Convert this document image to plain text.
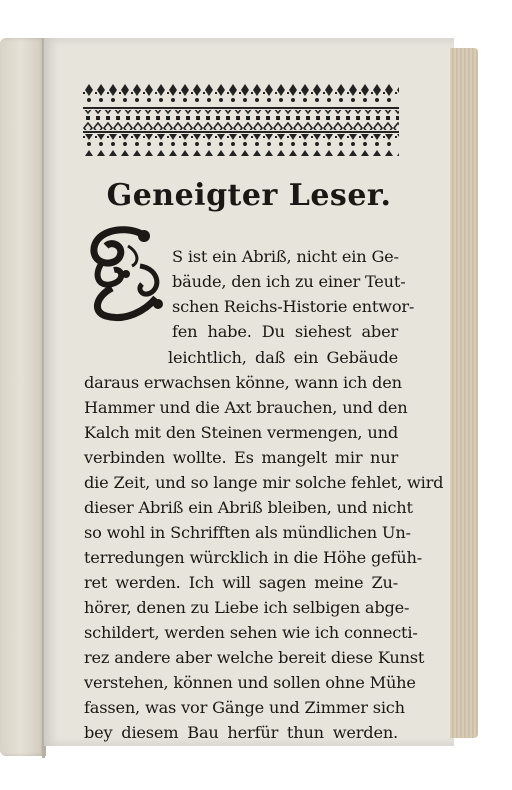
Geneigter Leser.
S ist ein Abriß, nicht ein Ge-
bäude, den ich zu einer Teut-
schen Reichs-Historie entwor-
fen habe. Du siehest aber
leichtlich, daß ein Gebäude
daraus erwachsen könne, wann ich den
Hammer und die Axt brauchen, und den
Kalch mit den Steinen vermengen, und
verbinden wollte. Es mangelt mir nur
die Zeit, und so lange mir solche fehlet, wird
dieser Abriß ein Abriß bleiben, und nicht
so wohl in Schrifften als mündlichen Un-
terredungen würcklich in die Höhe gefüh-
ret werden. Ich will sagen meine Zu-
hörer, denen zu Liebe ich selbigen abge-
schildert, werden sehen wie ich connecti-
rez andere aber welche bereit diese Kunst
verstehen, können und sollen ohne Mühe
fassen, was vor Gänge und Zimmer sich
bey diesem Bau herfür thun werden.
